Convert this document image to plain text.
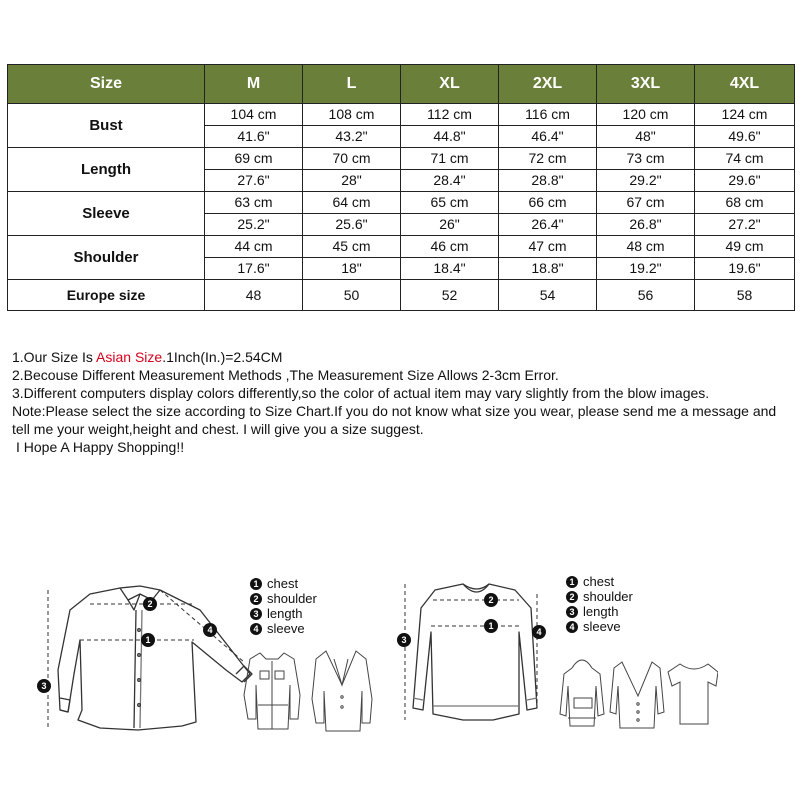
Size	M	L	XL	2XL	3XL	4XL
Bust	104 cm	108 cm	112 cm	116 cm	120 cm	124 cm
	41.6"	43.2"	44.8"	46.4"	48"	49.6"
Length	69 cm	70 cm	71 cm	72 cm	73 cm	74 cm
	27.6"	28"	28.4"	28.8"	29.2"	29.6"
Sleeve	63 cm	64 cm	65 cm	66 cm	67 cm	68 cm
	25.2"	25.6"	26"	26.4"	26.8"	27.2"
Shoulder	44 cm	45 cm	46 cm	47 cm	48 cm	49 cm
	17.6"	18"	18.4"	18.8"	19.2"	19.6"
Europe size	48	50	52	54	56	58

1.Our Size Is Asian Size.1Inch(In.)=2.54CM

2.Becouse Different Measurement Methods ,The Measurement Size Allows 2-3cm Error.

3.Different computers display colors differently,so the color of actual item may vary slightly from the blow images.

Note:Please select the size according to Size Chart.If you do not know what size you wear, please send me a message and tell me your weight,height and chest. I will give you a size suggest.

I Hope A Happy Shopping!!

2
1
3
4
1 chest
2 shoulder
3 length
4 sleeve
2
1
3
4
1 chest
2 shoulder
3 length
4 sleeve
